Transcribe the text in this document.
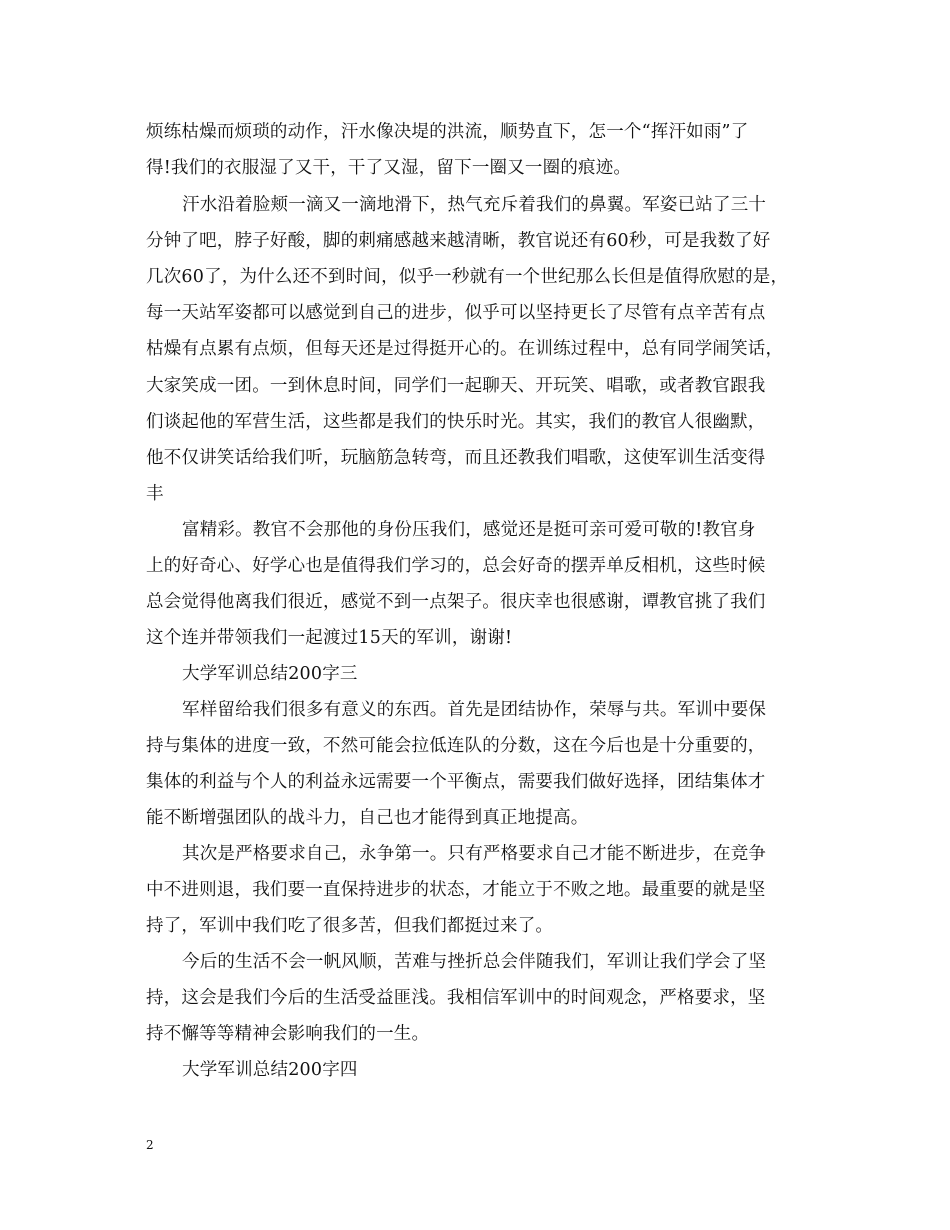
烦练枯燥而烦琐的动作，汗水像决堤的洪流，顺势直下，怎一个“挥汗如雨”了
得!我们的衣服湿了又干，干了又湿，留下一圈又一圈的痕迹。
汗水沿着脸颊一滴又一滴地滑下，热气充斥着我们的鼻翼。军姿已站了三十
分钟了吧，脖子好酸，脚的刺痛感越来越清晰，教官说还有60秒，可是我数了好
几次60了，为什么还不到时间，似乎一秒就有一个世纪那么长但是值得欣慰的是，
每一天站军姿都可以感觉到自己的进步，似乎可以坚持更长了尽管有点辛苦有点
枯燥有点累有点烦，但每天还是过得挺开心的。在训练过程中，总有同学闹笑话，
大家笑成一团。一到休息时间，同学们一起聊天、开玩笑、唱歌，或者教官跟我
们谈起他的军营生活，这些都是我们的快乐时光。其实，我们的教官人很幽默，
他不仅讲笑话给我们听，玩脑筋急转弯，而且还教我们唱歌，这使军训生活变得
丰
富精彩。教官不会那他的身份压我们，感觉还是挺可亲可爱可敬的!教官身
上的好奇心、好学心也是值得我们学习的，总会好奇的摆弄单反相机，这些时候
总会觉得他离我们很近，感觉不到一点架子。很庆幸也很感谢，谭教官挑了我们
这个连并带领我们一起渡过15天的军训，谢谢!
大学军训总结200字三
军样留给我们很多有意义的东西。首先是团结协作，荣辱与共。军训中要保
持与集体的进度一致，不然可能会拉低连队的分数，这在今后也是十分重要的，
集体的利益与个人的利益永远需要一个平衡点，需要我们做好选择，团结集体才
能不断增强团队的战斗力，自己也才能得到真正地提高。
其次是严格要求自己，永争第一。只有严格要求自己才能不断进步，在竞争
中不进则退，我们要一直保持进步的状态，才能立于不败之地。最重要的就是坚
持了，军训中我们吃了很多苦，但我们都挺过来了。
今后的生活不会一帆风顺，苦难与挫折总会伴随我们，军训让我们学会了坚
持，这会是我们今后的生活受益匪浅。我相信军训中的时间观念，严格要求，坚
持不懈等等精神会影响我们的一生。
大学军训总结200字四
2
